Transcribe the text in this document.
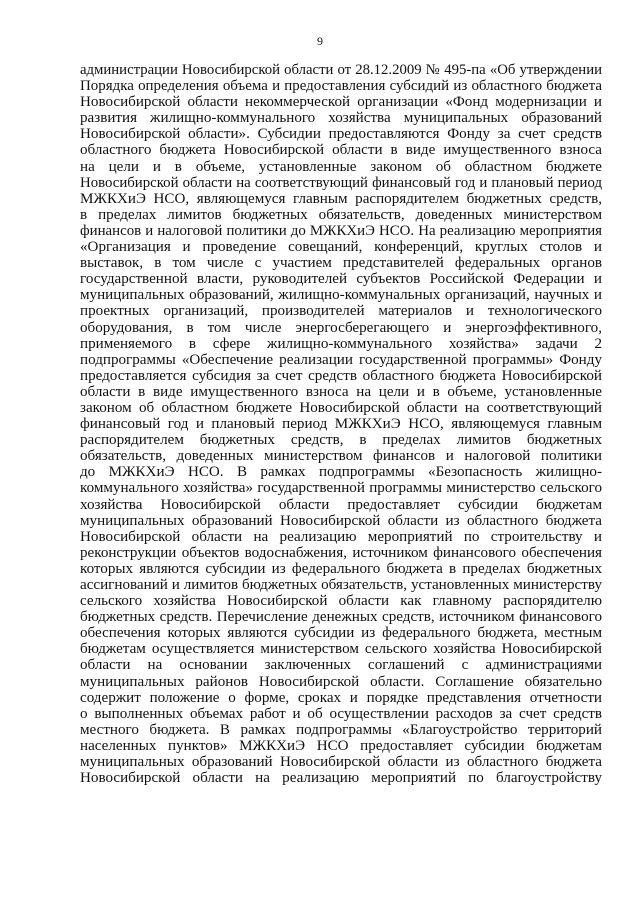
9
администрации Новосибирской области от 28.12.2009 № 495-па «Об утверждении
Порядка определения объема и предоставления субсидий из областного бюджета
Новосибирской области некоммерческой организации «Фонд модернизации и
развития жилищно-коммунального хозяйства муниципальных образований
Новосибирской области». Субсидии предоставляются Фонду за счет средств
областного бюджета Новосибирской области в виде имущественного взноса
на цели и в объеме, установленные законом об областном бюджете
Новосибирской области на соответствующий финансовый год и плановый период
МЖКХиЭ НСО, являющемуся главным распорядителем бюджетных средств,
в пределах лимитов бюджетных обязательств, доведенных министерством
финансов и налоговой политики до МЖКХиЭ НСО. На реализацию мероприятия
«Организация и проведение совещаний, конференций, круглых столов и
выставок, в том числе с участием представителей федеральных органов
государственной власти, руководителей субъектов Российской Федерации и
муниципальных образований, жилищно-коммунальных организаций, научных и
проектных организаций, производителей материалов и технологического
оборудования, в том числе энергосберегающего и энергоэффективного,
применяемого в сфере жилищно-коммунального хозяйства» задачи 2
подпрограммы «Обеспечение реализации государственной программы» Фонду
предоставляется субсидия за счет средств областного бюджета Новосибирской
области в виде имущественного взноса на цели и в объеме, установленные
законом об областном бюджете Новосибирской области на соответствующий
финансовый год и плановый период МЖКХиЭ НСО, являющемуся главным
распорядителем бюджетных средств, в пределах лимитов бюджетных
обязательств, доведенных министерством финансов и налоговой политики
до МЖКХиЭ НСО. В рамках подпрограммы «Безопасность жилищно-
коммунального хозяйства» государственной программы министерство сельского
хозяйства Новосибирской области предоставляет субсидии бюджетам
муниципальных образований Новосибирской области из областного бюджета
Новосибирской области на реализацию мероприятий по строительству и
реконструкции объектов водоснабжения, источником финансового обеспечения
которых являются субсидии из федерального бюджета в пределах бюджетных
ассигнований и лимитов бюджетных обязательств, установленных министерству
сельского хозяйства Новосибирской области как главному распорядителю
бюджетных средств. Перечисление денежных средств, источником финансового
обеспечения которых являются субсидии из федерального бюджета, местным
бюджетам осуществляется министерством сельского хозяйства Новосибирской
области на основании заключенных соглашений с администрациями
муниципальных районов Новосибирской области. Соглашение обязательно
содержит положение о форме, сроках и порядке представления отчетности
о выполненных объемах работ и об осуществлении расходов за счет средств
местного бюджета. В рамках подпрограммы «Благоустройство территорий
населенных пунктов» МЖКХиЭ НСО предоставляет субсидии бюджетам
муниципальных образований Новосибирской области из областного бюджета
Новосибирской области на реализацию мероприятий по благоустройству
